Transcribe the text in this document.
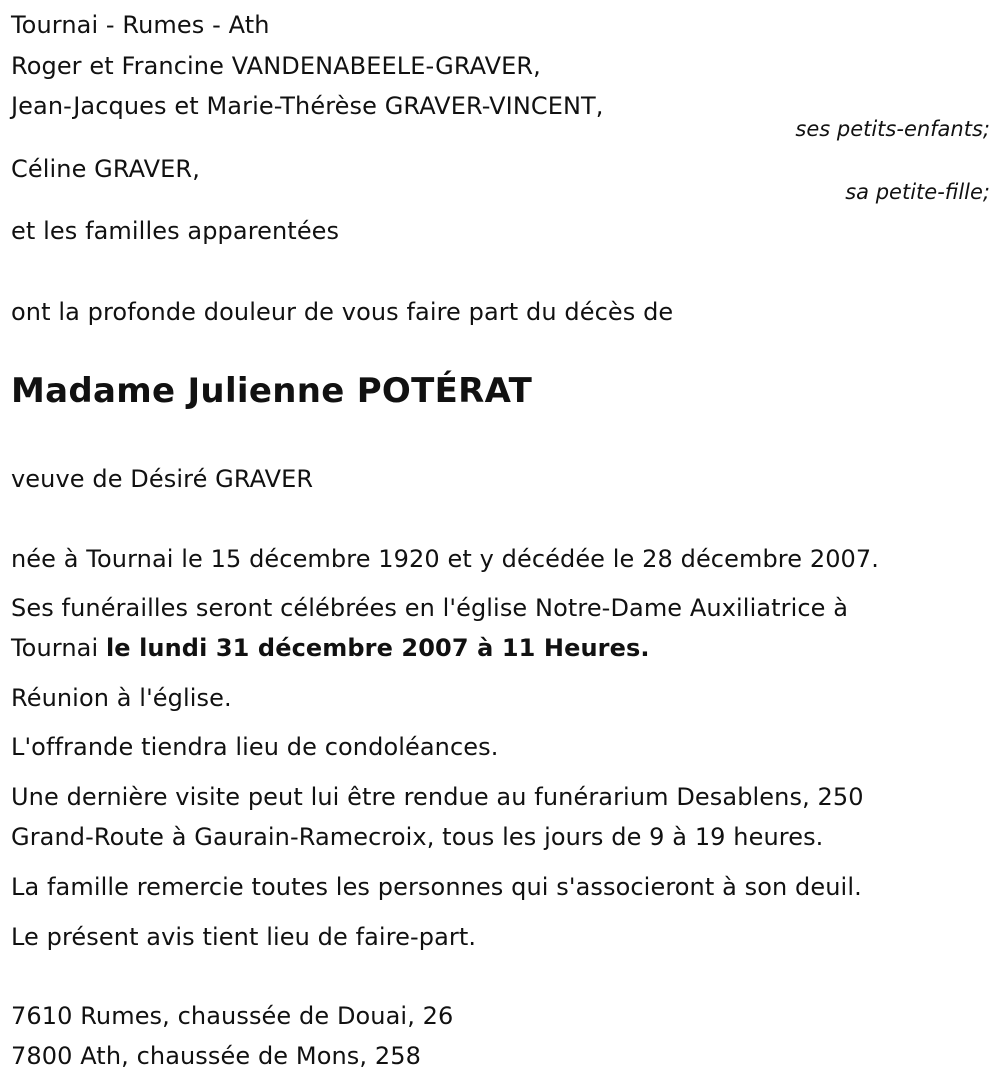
Tournai - Rumes - Ath
Roger et Francine VANDENABEELE-GRAVER,
Jean-Jacques et Marie-Thérèse GRAVER-VINCENT,
ses petits-enfants;
Céline GRAVER,
sa petite-fille;
et les familles apparentées
ont la profonde douleur de vous faire part du décès de
Madame Julienne POTÉRAT
veuve de Désiré GRAVER
née à Tournai le 15 décembre 1920 et y décédée le 28 décembre 2007.
Ses funérailles seront célébrées en l'église Notre-Dame Auxiliatrice à
Tournai le lundi 31 décembre 2007 à 11 Heures.
Réunion à l'église.
L'offrande tiendra lieu de condoléances.
Une dernière visite peut lui être rendue au funérarium Desablens, 250
Grand-Route à Gaurain-Ramecroix, tous les jours de 9 à 19 heures.
La famille remercie toutes les personnes qui s'associeront à son deuil.
Le présent avis tient lieu de faire-part.
7610 Rumes, chaussée de Douai, 26
7800 Ath, chaussée de Mons, 258
